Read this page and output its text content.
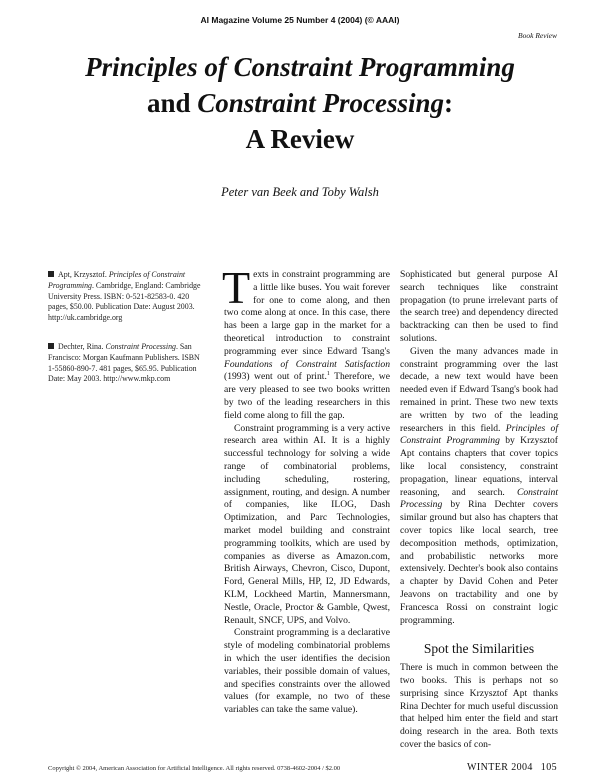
AI Magazine Volume 25 Number 4 (2004) (© AAAI)
Book Review
Principles of Constraint Programming
and Constraint Processing:
A Review
Peter van Beek and Toby Walsh
Apt, Krzysztof. Principles of Constraint Programming. Cambridge, England: Cambridge University Press. ISBN: 0-521-82583-0. 420 pages, $50.00. Publication Date: August 2003. http://uk.cambridge.org
Dechter, Rina. Constraint Processing. San Francisco: Morgan Kaufmann Publishers. ISBN 1-55860-890-7. 481 pages, $65.95. Publication Date: May 2003. http://www.mkp.com

Texts in constraint programming are a little like buses. You wait forever for one to come along, and then two come along at once. In this case, there has been a large gap in the market for a theoretical introduction to constraint programming ever since Edward Tsang's Foundations of Constraint Satisfaction (1993) went out of print.$^1$ Therefore, we are very pleased to see two books written by two of the leading researchers in this field come along to fill the gap.

Constraint programming is a very active research area within AI. It is a highly successful technology for solving a wide range of combinatorial problems, including scheduling, rostering, assignment, routing, and design. A number of companies, like ILOG, Dash Optimization, and Parc Technologies, market model building and constraint programming toolkits, which are used by companies as diverse as Amazon.com, British Airways, Chevron, Cisco, Dupont, Ford, General Mills, HP, I2, JD Edwards, KLM, Lockheed Martin, Mannersmann, Nestle, Oracle, Proctor & Gamble, Qwest, Renault, SNCF, UPS, and Volvo.

Constraint programming is a declarative style of modeling combinatorial problems in which the user identifies the decision variables, their possible domain of values, and specifies constraints over the allowed values (for example, no two of these variables can take the same value).

Sophisticated but general purpose AI search techniques like constraint propagation (to prune irrelevant parts of the search tree) and dependency directed backtracking can then be used to find solutions.

Given the many advances made in constraint programming over the last decade, a new text would have been needed even if Edward Tsang's book had remained in print. These two new texts are written by two of the leading researchers in this field. Principles of Constraint Programming by Krzysztof Apt contains chapters that cover topics like local consistency, constraint propagation, linear equations, interval reasoning, and search. Constraint Processing by Rina Dechter covers similar ground but also has chapters that cover topics like local search, tree decomposition methods, optimization, and probabilistic networks more extensively. Dechter's book also contains a chapter by David Cohen and Peter Jeavons on tractability and one by Francesca Rossi on constraint logic programming.

Spot the Similarities

There is much in common between the two books. This is perhaps not so surprising since Krzysztof Apt thanks Rina Dechter for much useful discussion that helped him enter the field and start doing research in the area. Both texts cover the basics of con-

Copyright © 2004, American Association for Artificial Intelligence. All rights reserved. 0738-4602-2004 / $2.00	WINTER 2004 105
